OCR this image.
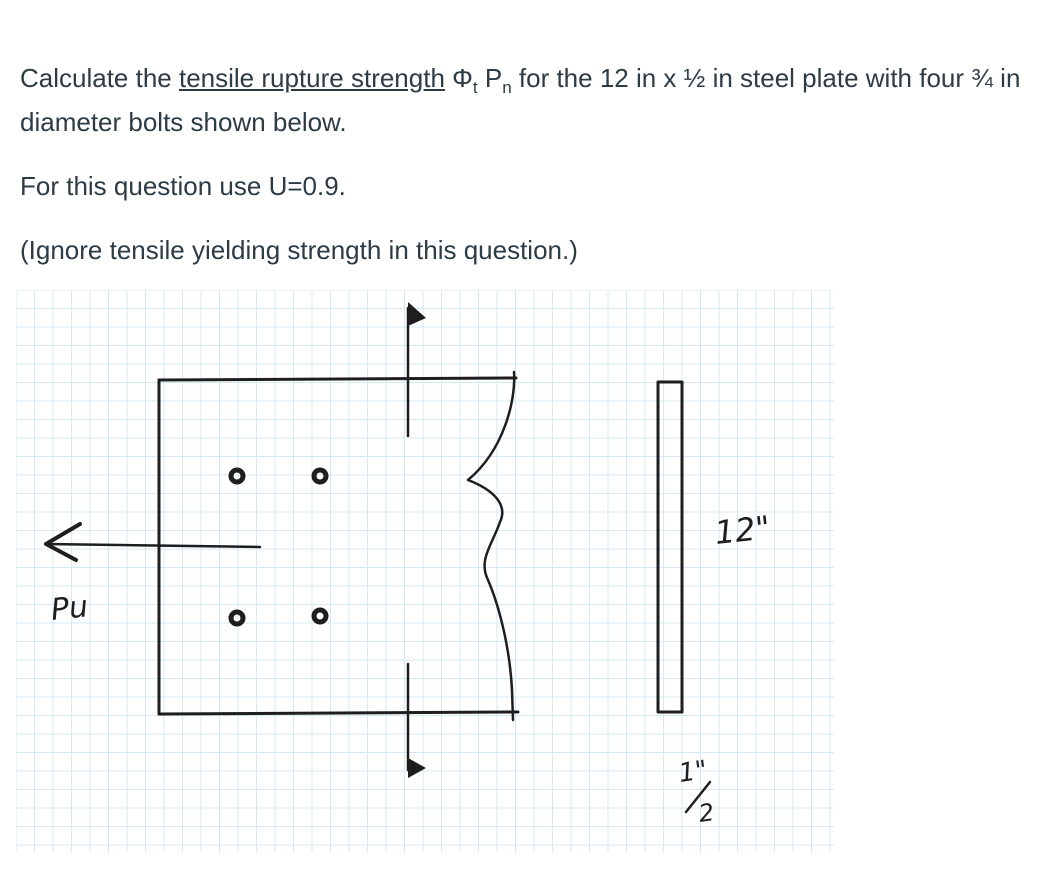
Calculate the tensile rupture strength $\Phi_t$ $P_n$ for the 12 in x ½ in steel plate with four ¾ in diameter bolts shown below.

For this question use U=0.9.

(Ignore tensile yielding strength in this question.)

Pu
12"
1"
2
